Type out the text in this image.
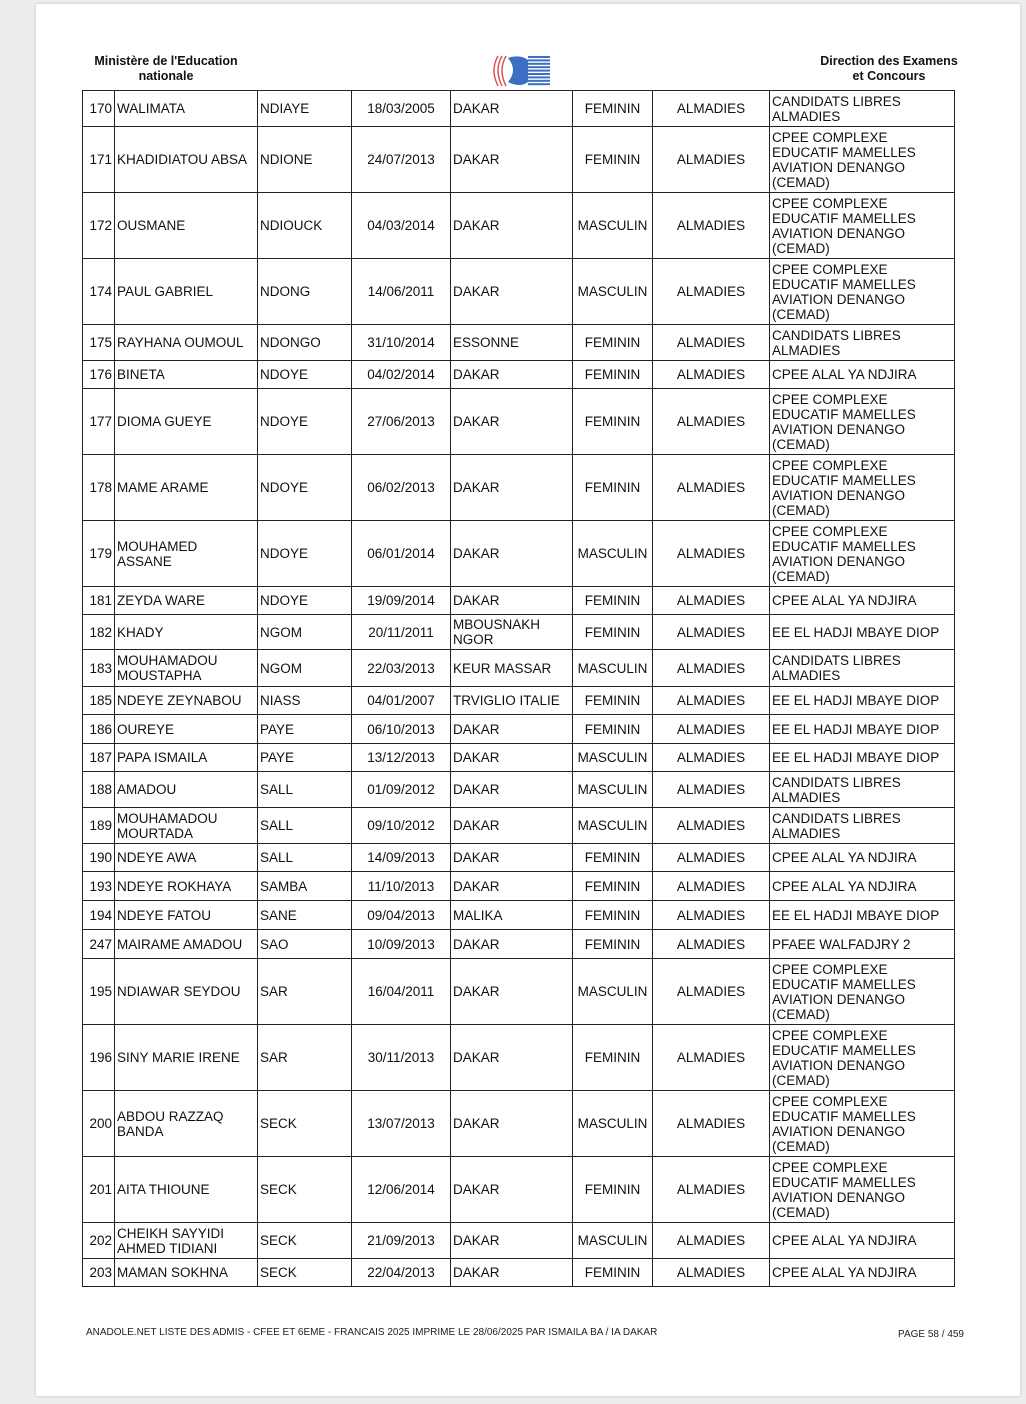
Ministère de l'Education
nationale
Direction des Examens
et Concours
170	WALIMATA	NDIAYE	18/03/2005	DAKAR	FEMININ	ALMADIES	CANDIDATS LIBRES ALMADIES
171	KHADIDIATOU ABSA	NDIONE	24/07/2013	DAKAR	FEMININ	ALMADIES	CPEE COMPLEXE EDUCATIF MAMELLES AVIATION DENANGO (CEMAD)
172	OUSMANE	NDIOUCK	04/03/2014	DAKAR	MASCULIN	ALMADIES	CPEE COMPLEXE EDUCATIF MAMELLES AVIATION DENANGO (CEMAD)
174	PAUL GABRIEL	NDONG	14/06/2011	DAKAR	MASCULIN	ALMADIES	CPEE COMPLEXE EDUCATIF MAMELLES AVIATION DENANGO (CEMAD)
175	RAYHANA OUMOUL	NDONGO	31/10/2014	ESSONNE	FEMININ	ALMADIES	CANDIDATS LIBRES ALMADIES
176	BINETA	NDOYE	04/02/2014	DAKAR	FEMININ	ALMADIES	CPEE ALAL YA NDJIRA
177	DIOMA GUEYE	NDOYE	27/06/2013	DAKAR	FEMININ	ALMADIES	CPEE COMPLEXE EDUCATIF MAMELLES AVIATION DENANGO (CEMAD)
178	MAME ARAME	NDOYE	06/02/2013	DAKAR	FEMININ	ALMADIES	CPEE COMPLEXE EDUCATIF MAMELLES AVIATION DENANGO (CEMAD)
179	MOUHAMED ASSANE	NDOYE	06/01/2014	DAKAR	MASCULIN	ALMADIES	CPEE COMPLEXE EDUCATIF MAMELLES AVIATION DENANGO (CEMAD)
181	ZEYDA WARE	NDOYE	19/09/2014	DAKAR	FEMININ	ALMADIES	CPEE ALAL YA NDJIRA
182	KHADY	NGOM	20/11/2011	MBOUSNAKH NGOR	FEMININ	ALMADIES	EE EL HADJI MBAYE DIOP
183	MOUHAMADOU MOUSTAPHA	NGOM	22/03/2013	KEUR MASSAR	MASCULIN	ALMADIES	CANDIDATS LIBRES ALMADIES
185	NDEYE ZEYNABOU	NIASS	04/01/2007	TRVIGLIO ITALIE	FEMININ	ALMADIES	EE EL HADJI MBAYE DIOP
186	OUREYE	PAYE	06/10/2013	DAKAR	FEMININ	ALMADIES	EE EL HADJI MBAYE DIOP
187	PAPA ISMAILA	PAYE	13/12/2013	DAKAR	MASCULIN	ALMADIES	EE EL HADJI MBAYE DIOP
188	AMADOU	SALL	01/09/2012	DAKAR	MASCULIN	ALMADIES	CANDIDATS LIBRES ALMADIES
189	MOUHAMADOU MOURTADA	SALL	09/10/2012	DAKAR	MASCULIN	ALMADIES	CANDIDATS LIBRES ALMADIES
190	NDEYE AWA	SALL	14/09/2013	DAKAR	FEMININ	ALMADIES	CPEE ALAL YA NDJIRA
193	NDEYE ROKHAYA	SAMBA	11/10/2013	DAKAR	FEMININ	ALMADIES	CPEE ALAL YA NDJIRA
194	NDEYE FATOU	SANE	09/04/2013	MALIKA	FEMININ	ALMADIES	EE EL HADJI MBAYE DIOP
247	MAIRAME AMADOU	SAO	10/09/2013	DAKAR	FEMININ	ALMADIES	PFAEE WALFADJRY 2
195	NDIAWAR SEYDOU	SAR	16/04/2011	DAKAR	MASCULIN	ALMADIES	CPEE COMPLEXE EDUCATIF MAMELLES AVIATION DENANGO (CEMAD)
196	SINY MARIE IRENE	SAR	30/11/2013	DAKAR	FEMININ	ALMADIES	CPEE COMPLEXE EDUCATIF MAMELLES AVIATION DENANGO (CEMAD)
200	ABDOU RAZZAQ BANDA	SECK	13/07/2013	DAKAR	MASCULIN	ALMADIES	CPEE COMPLEXE EDUCATIF MAMELLES AVIATION DENANGO (CEMAD)
201	AITA THIOUNE	SECK	12/06/2014	DAKAR	FEMININ	ALMADIES	CPEE COMPLEXE EDUCATIF MAMELLES AVIATION DENANGO (CEMAD)
202	CHEIKH SAYYIDI AHMED TIDIANI	SECK	21/09/2013	DAKAR	MASCULIN	ALMADIES	CPEE ALAL YA NDJIRA
203	MAMAN SOKHNA	SECK	22/04/2013	DAKAR	FEMININ	ALMADIES	CPEE ALAL YA NDJIRA
ANADOLE.NET LISTE DES ADMIS - CFEE ET 6EME - FRANCAIS 2025 IMPRIME LE 28/06/2025 PAR ISMAILA BA / IA DAKAR	PAGE 58 / 459
